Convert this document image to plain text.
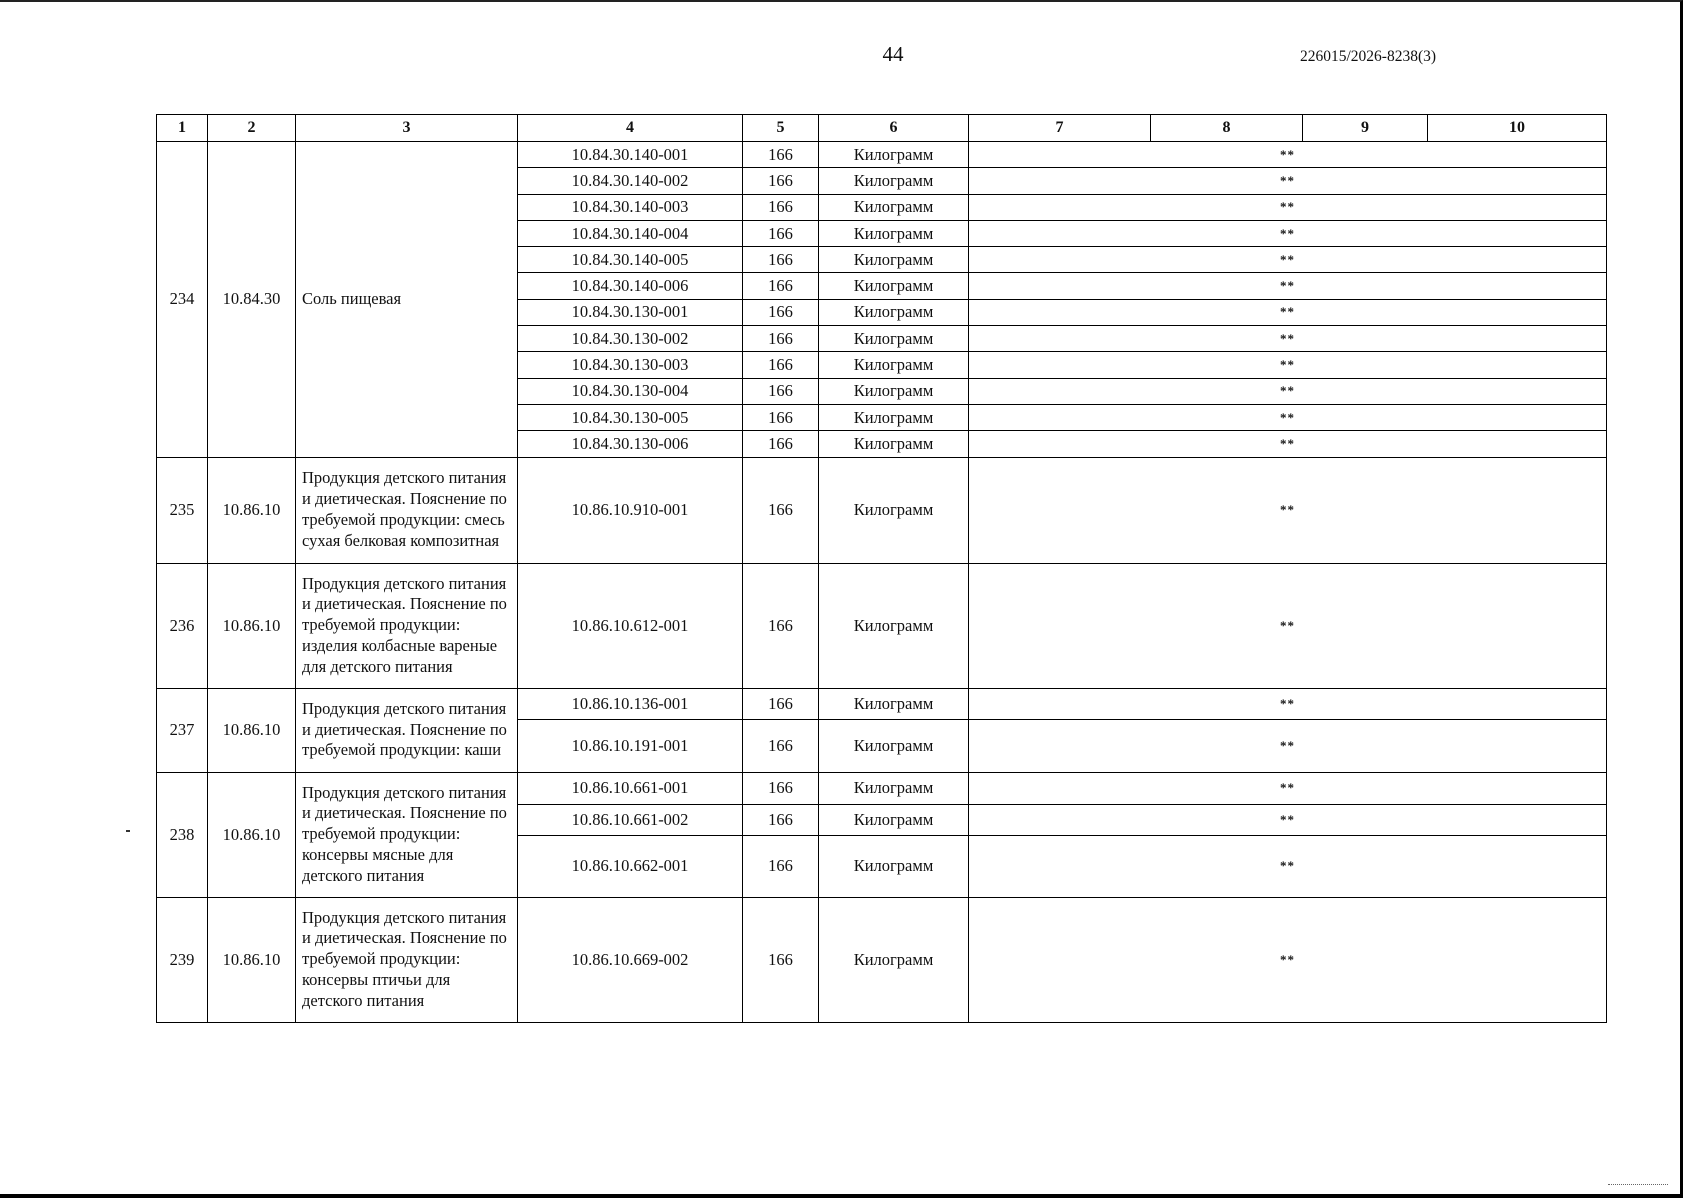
44	226015/2026-8238(3)
1	2	3	4	5	6	7	8	9	10
234	10.84.30	Соль пищевая	10.84.30.140-001	166	Килограмм	**			
			10.84.30.140-002	166	Килограмм	**			
			10.84.30.140-003	166	Килограмм	**			
			10.84.30.140-004	166	Килограмм	**			
			10.84.30.140-005	166	Килограмм	**			
			10.84.30.140-006	166	Килограмм	**			
			10.84.30.130-001	166	Килограмм	**			
			10.84.30.130-002	166	Килограмм	**			
			10.84.30.130-003	166	Килограмм	**			
			10.84.30.130-004	166	Килограмм	**			
			10.84.30.130-005	166	Килограмм	**			
			10.84.30.130-006	166	Килограмм	**			
235	10.86.10	Продукция детского питания и диетическая. Пояснение по требуемой продукции: смесь сухая белковая композитная	10.86.10.910-001	166	Килограмм	**			
236	10.86.10	Продукция детского питания и диетическая. Пояснение по требуемой продукции: изделия колбасные вареные для детского питания	10.86.10.612-001	166	Килограмм	**			
237	10.86.10	Продукция детского питания и диетическая. Пояснение по требуемой продукции: каши	10.86.10.136-001	166	Килограмм	**			
			10.86.10.191-001	166	Килограмм	**			
238	10.86.10	Продукция детского питания и диетическая. Пояснение по требуемой продукции: консервы мясные для детского питания	10.86.10.661-001	166	Килограмм	**			
			10.86.10.661-002	166	Килограмм	**			
			10.86.10.662-001	166	Килограмм	**			
239	10.86.10	Продукция детского питания и диетическая. Пояснение по требуемой продукции: консервы птичьи для детского питания	10.86.10.669-002	166	Килограмм	**			
